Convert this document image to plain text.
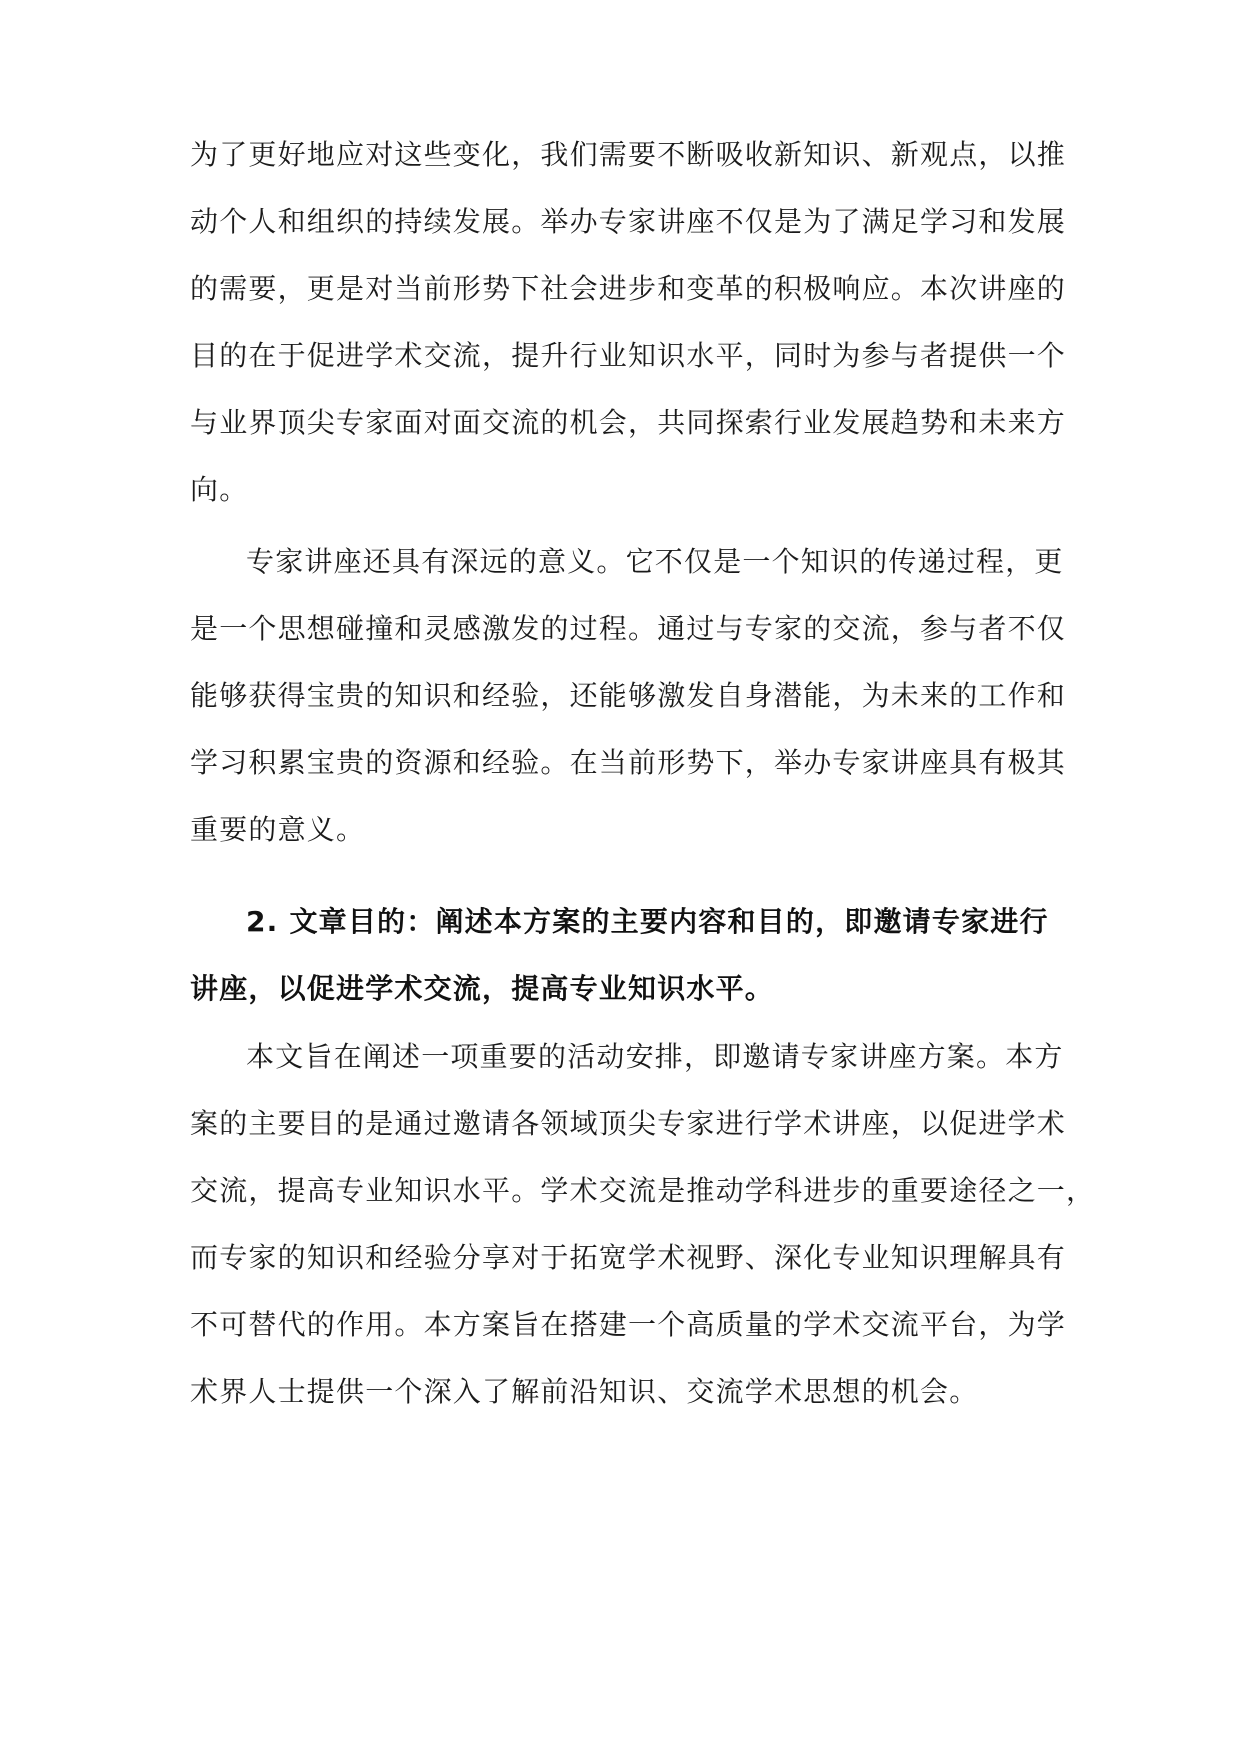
为了更好地应对这些变化，我们需要不断吸收新知识、新观点，以推
动个人和组织的持续发展。举办专家讲座不仅是为了满足学习和发展
的需要，更是对当前形势下社会进步和变革的积极响应。本次讲座的
目的在于促进学术交流，提升行业知识水平，同时为参与者提供一个
与业界顶尖专家面对面交流的机会，共同探索行业发展趋势和未来方
向。
专家讲座还具有深远的意义。它不仅是一个知识的传递过程，更
是一个思想碰撞和灵感激发的过程。通过与专家的交流，参与者不仅
能够获得宝贵的知识和经验，还能够激发自身潜能，为未来的工作和
学习积累宝贵的资源和经验。在当前形势下，举办专家讲座具有极其
重要的意义。
2. 文章目的：阐述本方案的主要内容和目的，即邀请专家进行
讲座，以促进学术交流，提高专业知识水平。
本文旨在阐述一项重要的活动安排，即邀请专家讲座方案。本方
案的主要目的是通过邀请各领域顶尖专家进行学术讲座，以促进学术
交流，提高专业知识水平。学术交流是推动学科进步的重要途径之一，
而专家的知识和经验分享对于拓宽学术视野、深化专业知识理解具有
不可替代的作用。本方案旨在搭建一个高质量的学术交流平台，为学
术界人士提供一个深入了解前沿知识、交流学术思想的机会。
